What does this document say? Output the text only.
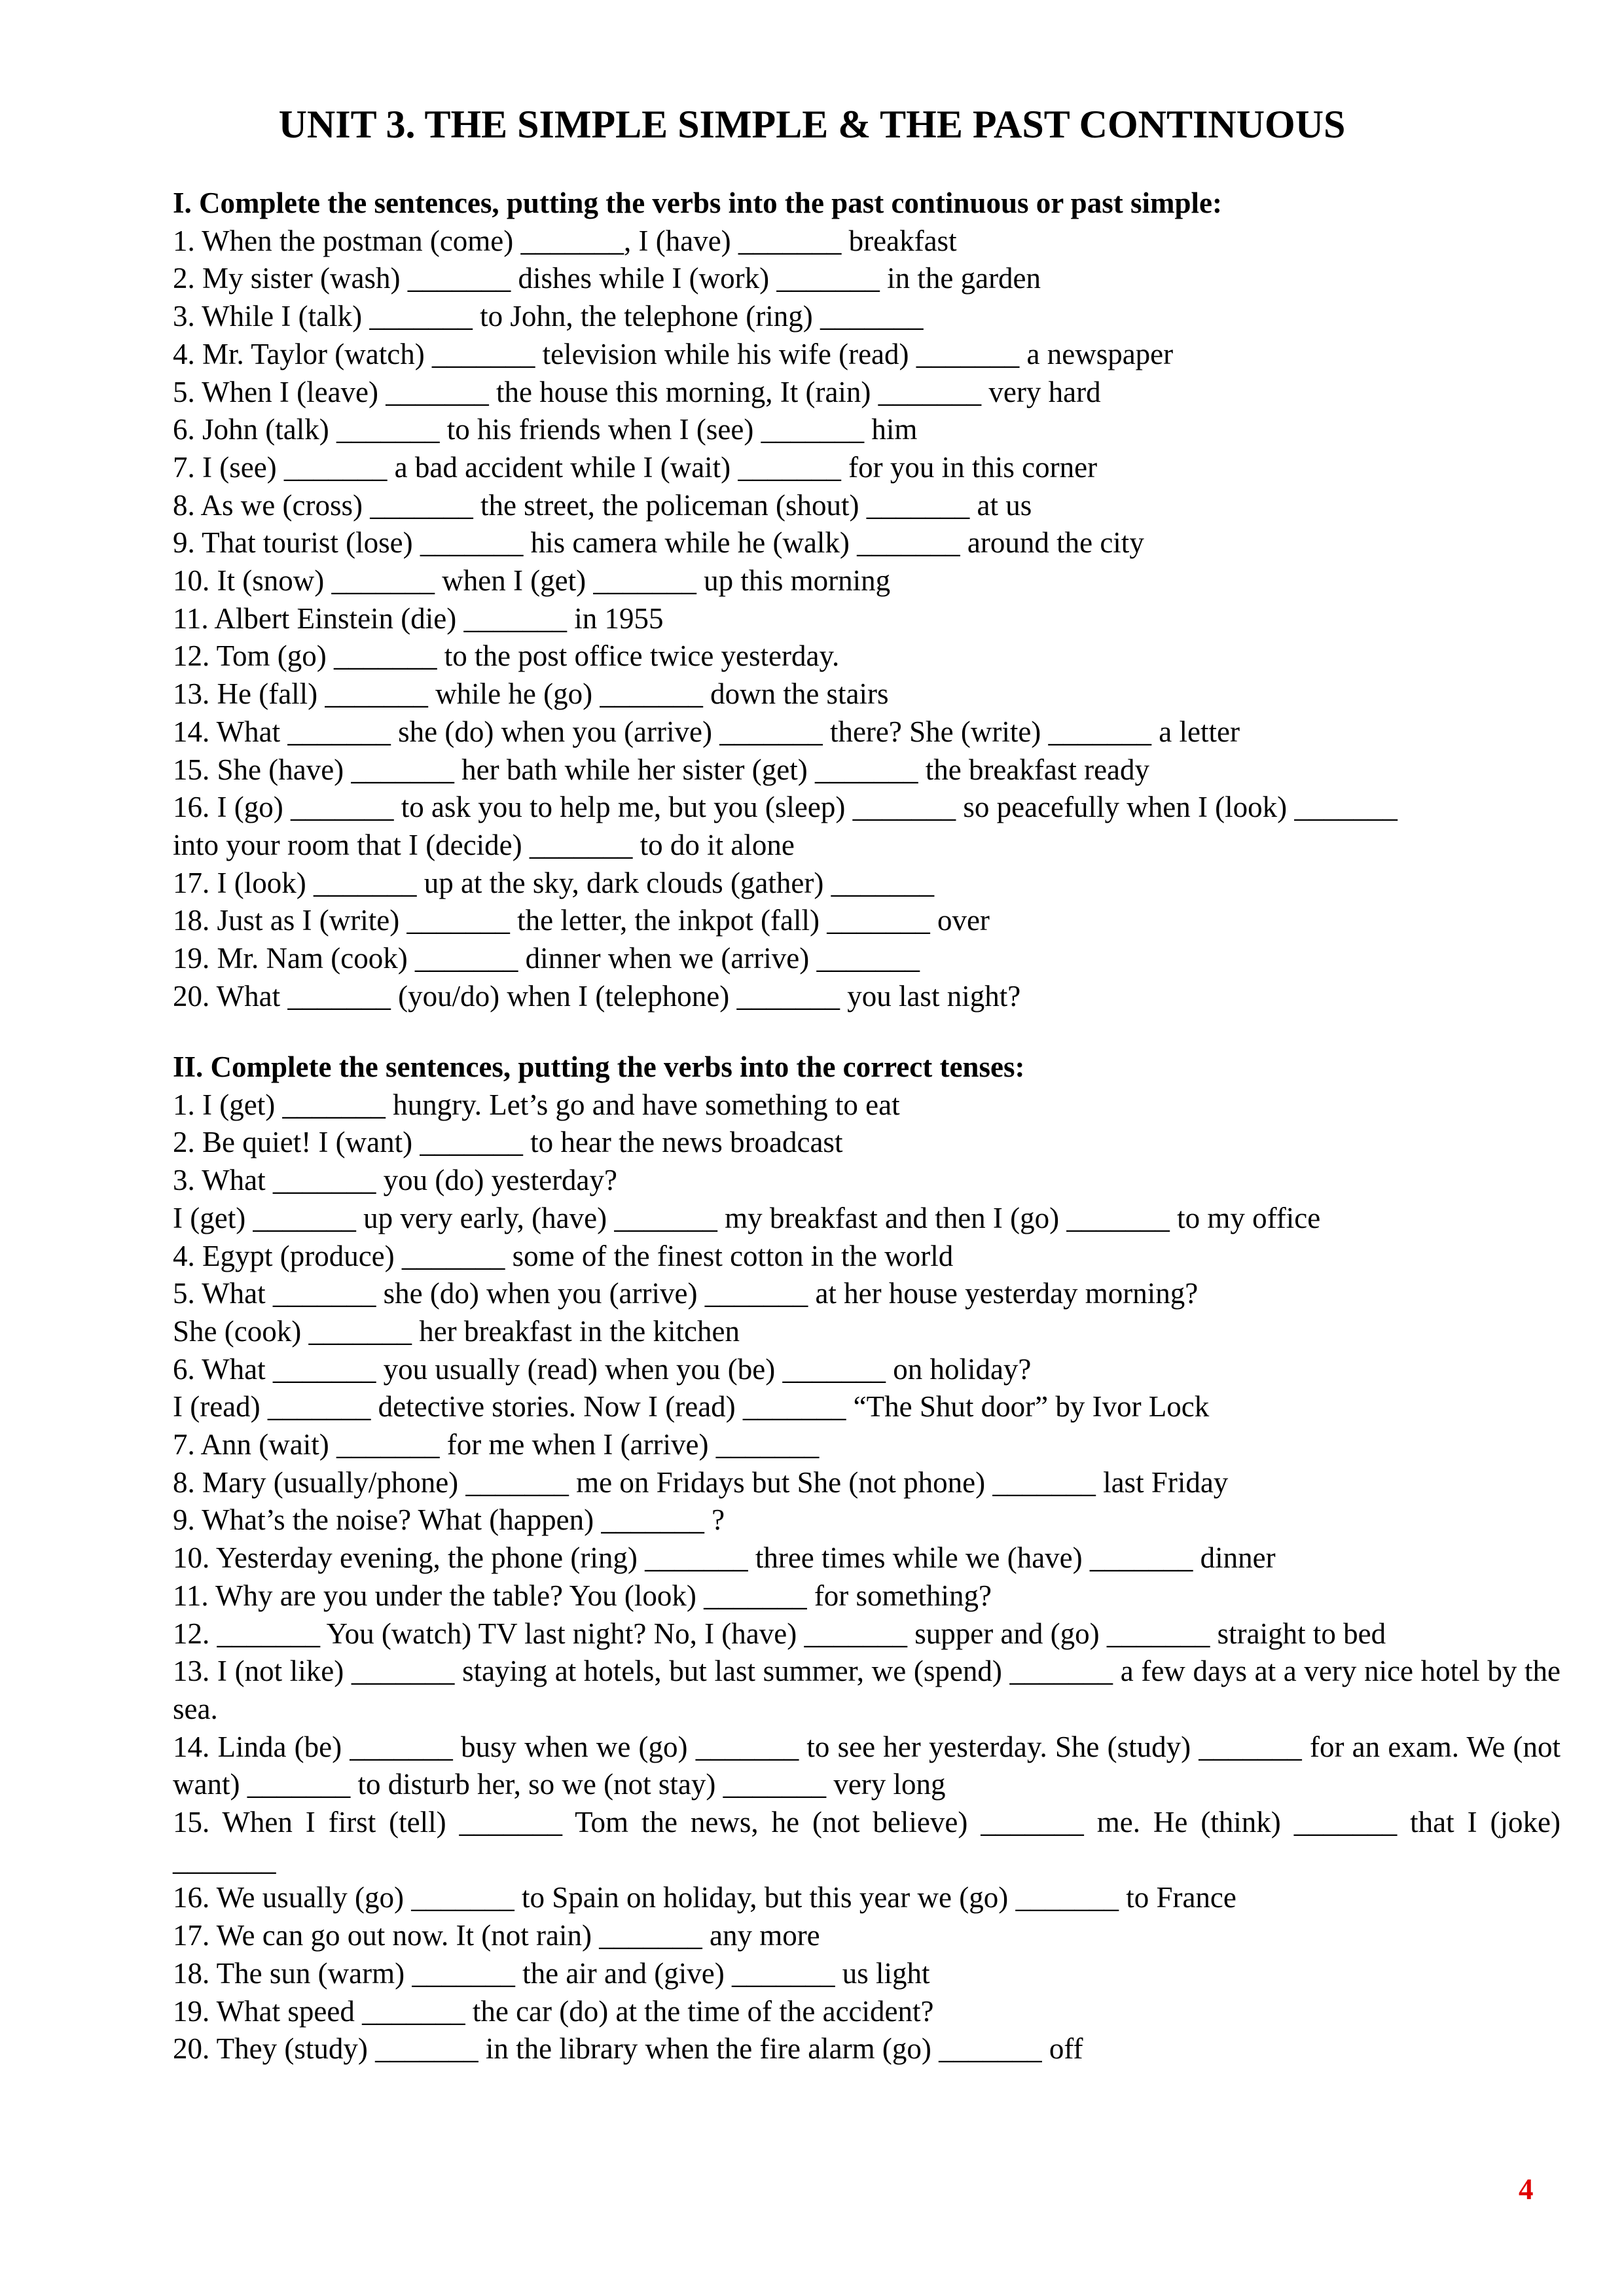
UNIT 3. THE SIMPLE SIMPLE & THE PAST CONTINUOUS
I. Complete the sentences, putting the verbs into the past continuous or past simple:
1. When the postman (come) _______, I (have) _______ breakfast
2. My sister (wash) _______ dishes while I (work) _______ in the garden
3. While I (talk) _______ to John, the telephone (ring) _______
4. Mr. Taylor (watch) _______ television while his wife (read) _______ a newspaper
5. When I (leave) _______ the house this morning, It (rain) _______ very hard
6. John (talk) _______ to his friends when I (see) _______ him
7. I (see) _______ a bad accident while I (wait) _______ for you in this corner
8. As we (cross) _______ the street, the policeman (shout) _______ at us
9. That tourist (lose) _______ his camera while he (walk) _______ around the city
10. It (snow) _______ when I (get) _______ up this morning
11. Albert Einstein (die) _______ in 1955
12. Tom (go) _______ to the post office twice yesterday.
13. He (fall) _______ while he (go) _______ down the stairs
14. What _______ she (do) when you (arrive) _______ there? She (write) _______ a letter
15. She (have) _______ her bath while her sister (get) _______ the breakfast ready
16. I (go) _______ to ask you to help me, but you (sleep) _______ so peacefully when I (look) _______
into your room that I (decide) _______ to do it alone
17. I (look) _______ up at the sky, dark clouds (gather) _______
18. Just as I (write) _______ the letter, the inkpot (fall) _______ over
19. Mr. Nam (cook) _______ dinner when we (arrive) _______
20. What _______ (you/do) when I (telephone) _______ you last night?
II. Complete the sentences, putting the verbs into the correct tenses:
1. I (get) _______ hungry. Let’s go and have something to eat
2. Be quiet! I (want) _______ to hear the news broadcast
3. What _______ you (do) yesterday?
I (get) _______ up very early, (have) _______ my breakfast and then I (go) _______ to my office
4. Egypt (produce) _______ some of the finest cotton in the world
5. What _______ she (do) when you (arrive) _______ at her house yesterday morning?
She (cook) _______ her breakfast in the kitchen
6. What _______ you usually (read) when you (be) _______ on holiday?
I (read) _______ detective stories. Now I (read) _______ “The Shut door” by Ivor Lock
7. Ann (wait) _______ for me when I (arrive) _______
8. Mary (usually/phone) _______ me on Fridays but She (not phone) _______ last Friday
9. What’s the noise? What (happen) _______ ?
10. Yesterday evening, the phone (ring) _______ three times while we (have) _______ dinner
11. Why are you under the table? You (look) _______ for something?
12. _______ You (watch) TV last night? No, I (have) _______ supper and (go) _______ straight to bed
13. I (not like) _______ staying at hotels, but last summer, we (spend) _______ a few days at a very nice hotel by the sea.
14. Linda (be) _______ busy when we (go) _______ to see her yesterday. She (study) _______ for an exam. We (not want) _______ to disturb her, so we (not stay) _______ very long
15. When I first (tell) _______ Tom the news, he (not believe) _______ me. He (think) _______ that I (joke) _______
16. We usually (go) _______ to Spain on holiday, but this year we (go) _______ to France
17. We can go out now. It (not rain) _______ any more
18. The sun (warm) _______ the air and (give) _______ us light
19. What speed _______ the car (do) at the time of the accident?
20. They (study) _______ in the library when the fire alarm (go) _______ off
4
